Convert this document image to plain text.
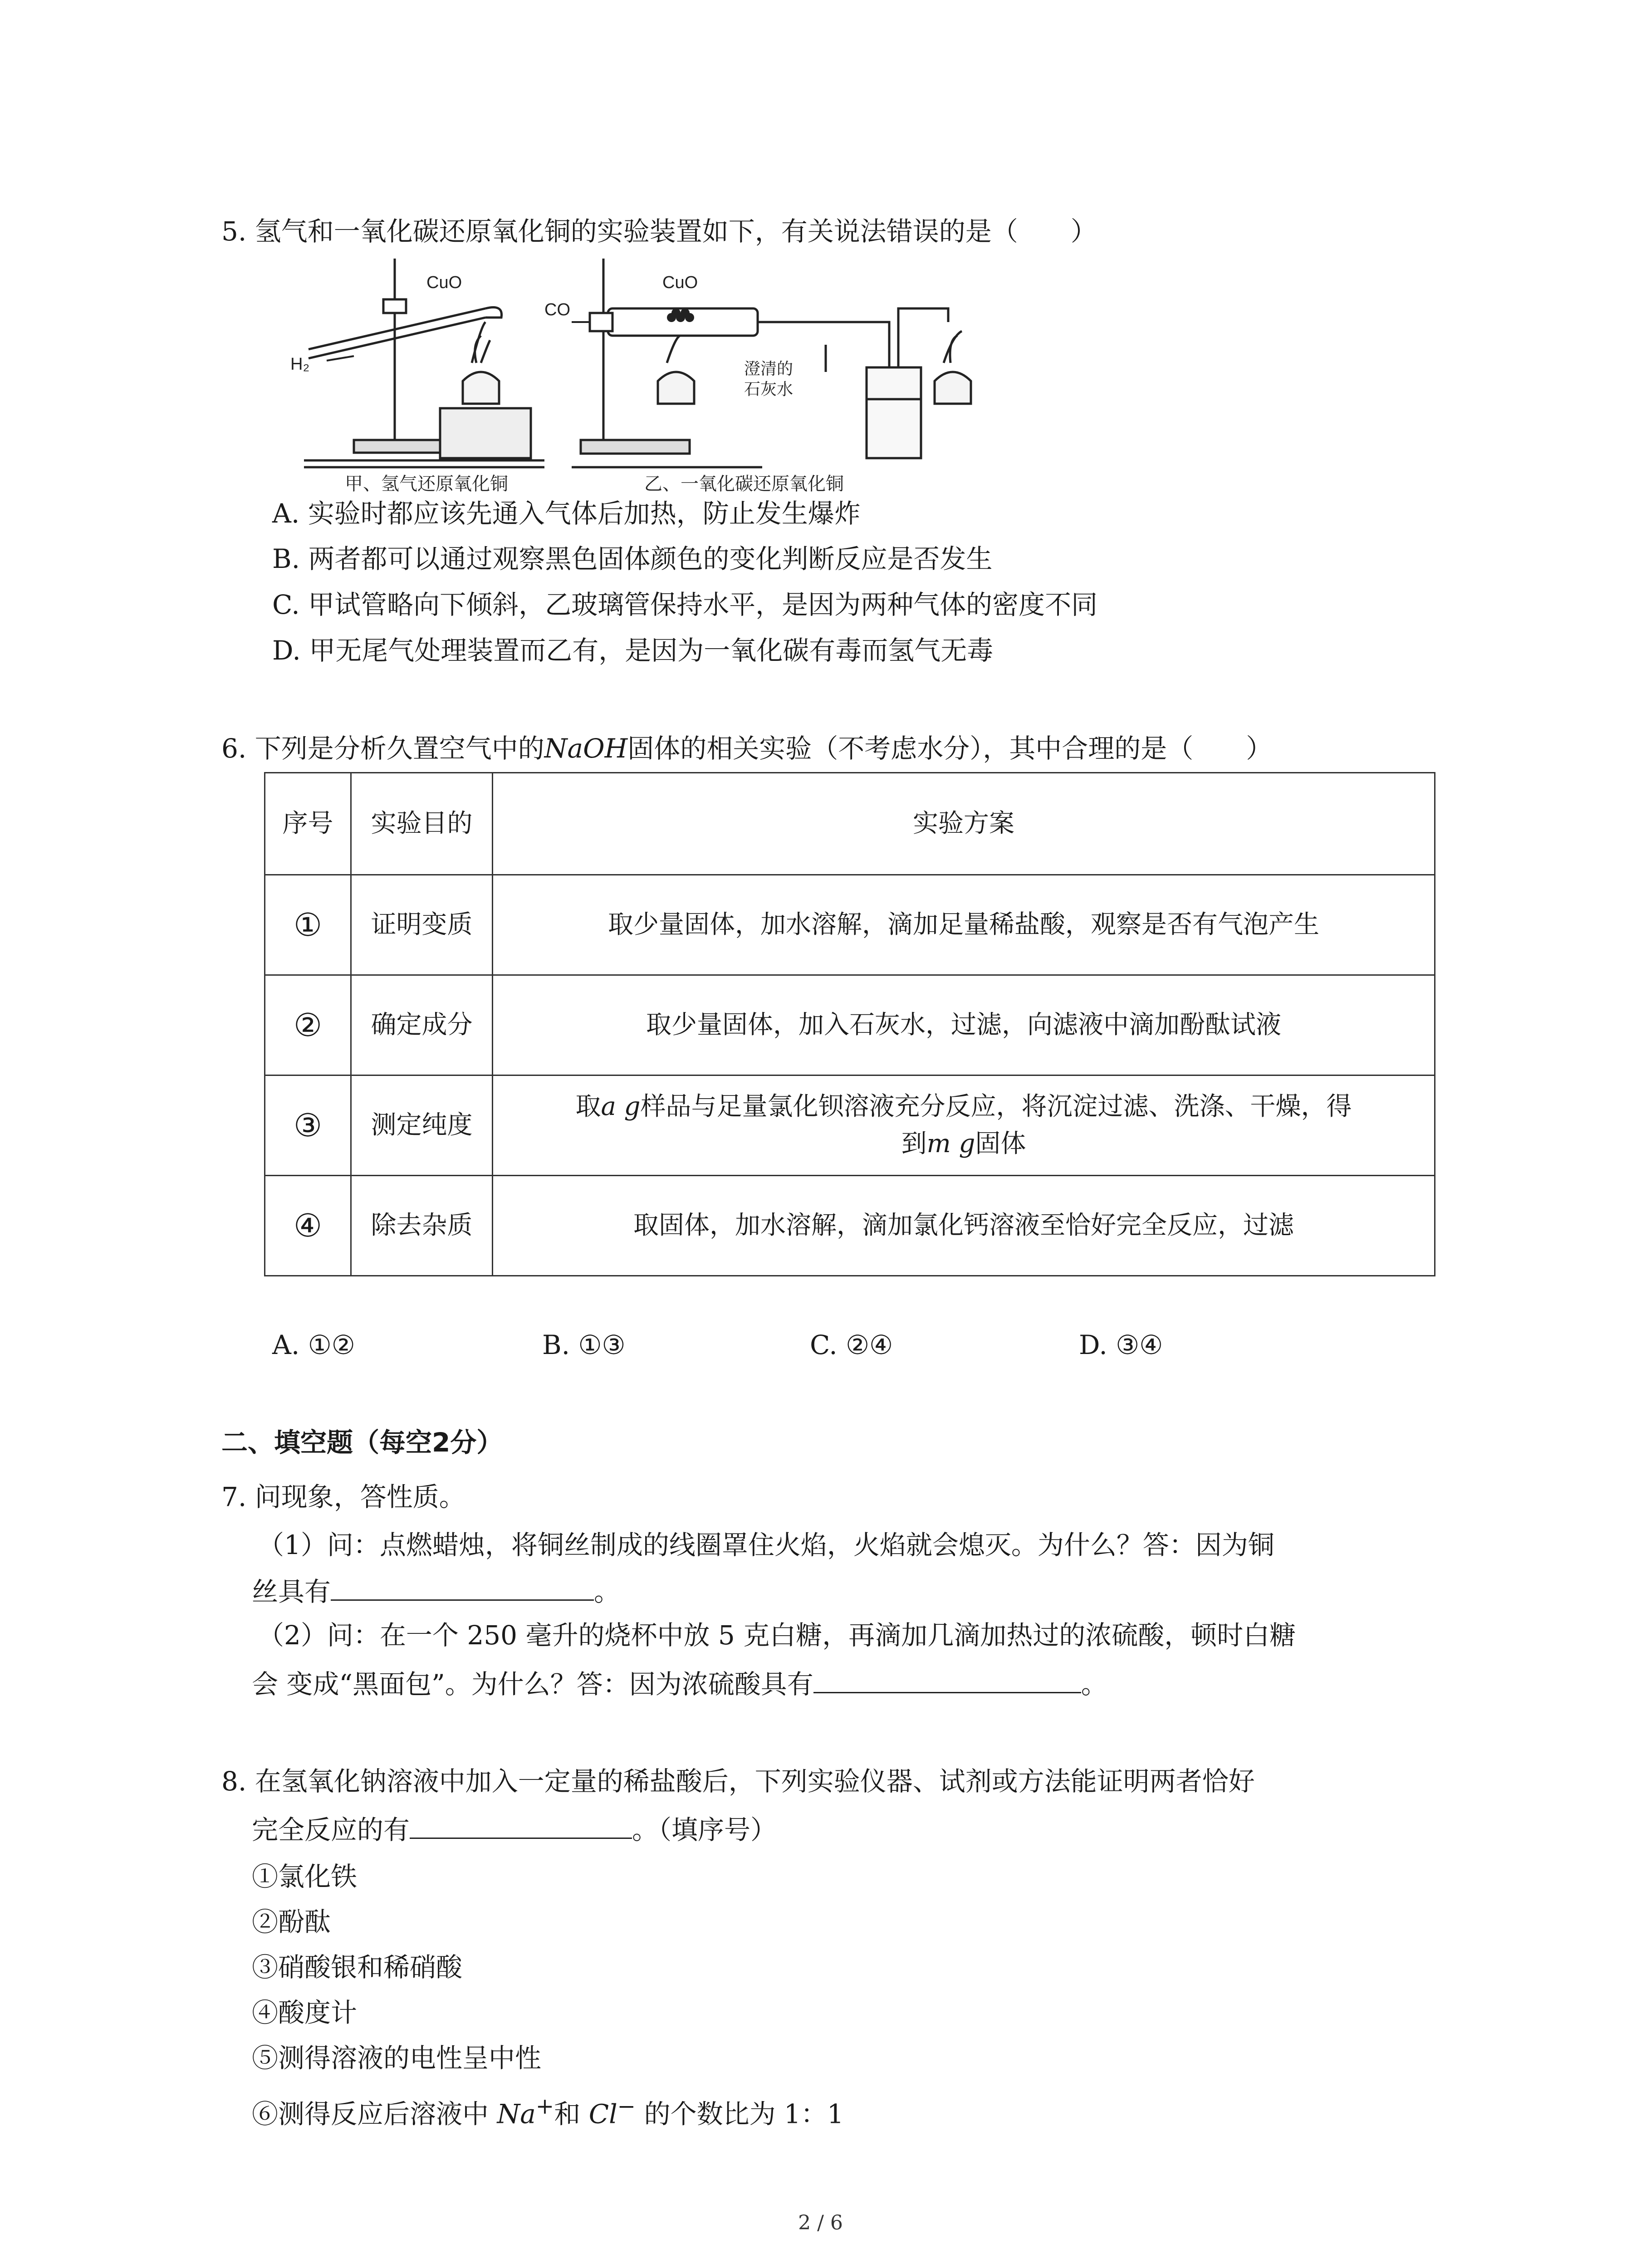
5. 氢气和一氧化碳还原氧化铜的实验装置如下，有关说法错误的是（　　）
CuO	CuO
H₂
CO
澄清的
石灰水
甲、氢气还原氧化铜	乙、一氧化碳还原氧化铜
A. 实验时都应该先通入气体后加热，防止发生爆炸
B. 两者都可以通过观察黑色固体颜色的变化判断反应是否发生
C. 甲试管略向下倾斜，乙玻璃管保持水平，是因为两种气体的密度不同
D. 甲无尾气处理装置而乙有，是因为一氧化碳有毒而氢气无毒
6. 下列是分析久置空气中的NaOH固体的相关实验（不考虑水分），其中合理的是（　　）
序号	实验目的	实验方案
①	证明变质	取少量固体，加水溶解，滴加足量稀盐酸，观察是否有气泡产生
②	确定成分	取少量固体，加入石灰水，过滤，向滤液中滴加酚酞试液
③	测定纯度	取a g样品与足量氯化钡溶液充分反应，将沉淀过滤、洗涤、干燥，得
到m g固体
④	除去杂质	取固体，加水溶解，滴加氯化钙溶液至恰好完全反应，过滤
A. ①②	B. ①③	C. ②④	D. ③④
二、填空题（每空2分）
7. 问现象，答性质。
（1）问：点燃蜡烛，将铜丝制成的线圈罩住火焰，火焰就会熄灭。为什么？答：因为铜
丝具有	。
（2）问：在一个 250 毫升的烧杯中放 5 克白糖，再滴加几滴加热过的浓硫酸，顿时白糖
会 变成“黑面包”。为什么？答：因为浓硫酸具有	。
8. 在氢氧化钠溶液中加入一定量的稀盐酸后，下列实验仪器、试剂或方法能证明两者恰好
完全反应的有	。（填序号）
①氯化铁
②酚酞
③硝酸银和稀硝酸
④酸度计
⑤测得溶液的电性呈中性
⑥测得反应后溶液中 Na+和 Cl− 的个数比为 1：1
2 / 6
